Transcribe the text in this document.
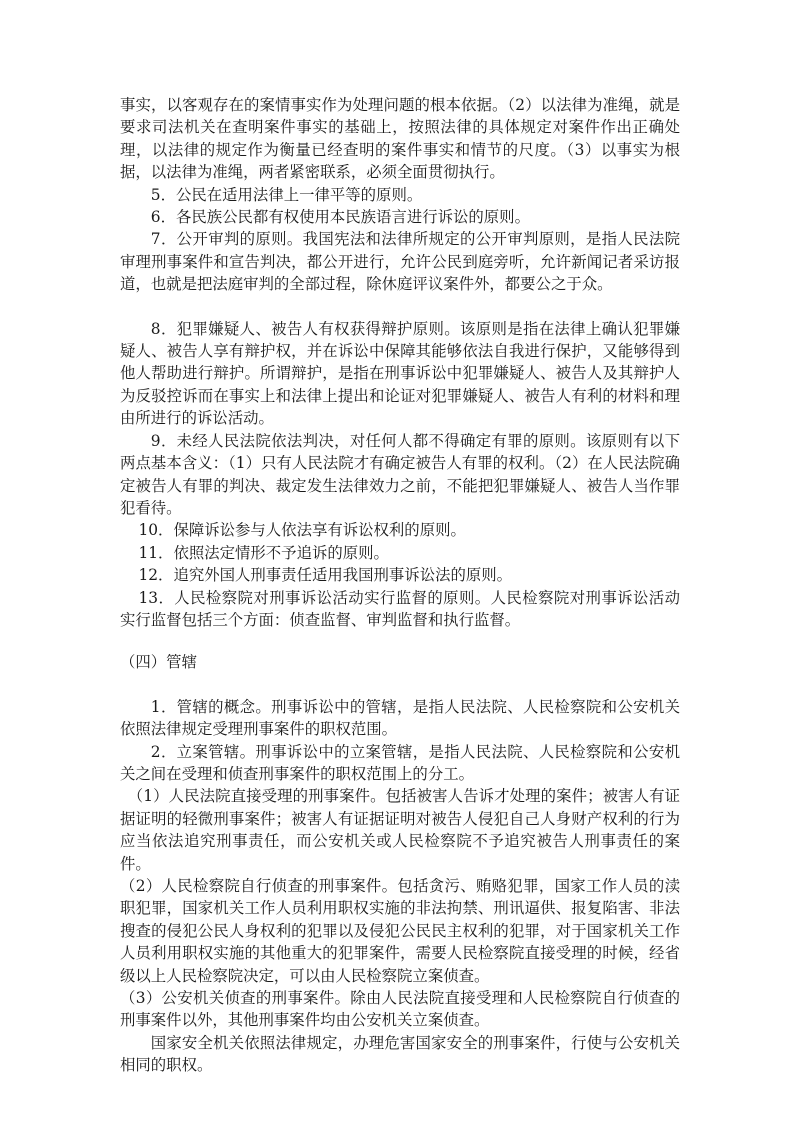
事实，以客观存在的案情事实作为处理问题的根本依据。（2）以法律为准绳，就是要求司法机关在查明案件事实的基础上，按照法律的具体规定对案件作出正确处理，以法律的规定作为衡量已经查明的案件事实和情节的尺度。（3）以事实为根据，以法律为准绳，两者紧密联系，必须全面贯彻执行。

5．公民在适用法律上一律平等的原则。

6．各民族公民都有权使用本民族语言进行诉讼的原则。

7．公开审判的原则。我国宪法和法律所规定的公开审判原则，是指人民法院审理刑事案件和宣告判决，都公开进行，允许公民到庭旁听，允许新闻记者采访报道，也就是把法庭审判的全部过程，除休庭评议案件外，都要公之于众。

8．犯罪嫌疑人、被告人有权获得辩护原则。该原则是指在法律上确认犯罪嫌疑人、被告人享有辩护权，并在诉讼中保障其能够依法自我进行保护，又能够得到他人帮助进行辩护。所谓辩护，是指在刑事诉讼中犯罪嫌疑人、被告人及其辩护人为反驳控诉而在事实上和法律上提出和论证对犯罪嫌疑人、被告人有利的材料和理由所进行的诉讼活动。

9．未经人民法院依法判决，对任何人都不得确定有罪的原则。该原则有以下两点基本含义：（1）只有人民法院才有确定被告人有罪的权利。（2）在人民法院确定被告人有罪的判决、裁定发生法律效力之前，不能把犯罪嫌疑人、被告人当作罪犯看待。

10．保障诉讼参与人依法享有诉讼权利的原则。

11．依照法定情形不予追诉的原则。

12．追究外国人刑事责任适用我国刑事诉讼法的原则。

13．人民检察院对刑事诉讼活动实行监督的原则。人民检察院对刑事诉讼活动实行监督包括三个方面：侦查监督、审判监督和执行监督。

（四）管辖

1．管辖的概念。刑事诉讼中的管辖，是指人民法院、人民检察院和公安机关依照法律规定受理刑事案件的职权范围。

2．立案管辖。刑事诉讼中的立案管辖，是指人民法院、人民检察院和公安机关之间在受理和侦查刑事案件的职权范围上的分工。

（1）人民法院直接受理的刑事案件。包括被害人告诉才处理的案件；被害人有证据证明的轻微刑事案件；被害人有证据证明对被告人侵犯自己人身财产权利的行为应当依法追究刑事责任，而公安机关或人民检察院不予追究被告人刑事责任的案件。

（2）人民检察院自行侦查的刑事案件。包括贪污、贿赂犯罪，国家工作人员的渎职犯罪，国家机关工作人员利用职权实施的非法拘禁、刑讯逼供、报复陷害、非法搜查的侵犯公民人身权利的犯罪以及侵犯公民民主权利的犯罪，对于国家机关工作人员利用职权实施的其他重大的犯罪案件，需要人民检察院直接受理的时候，经省级以上人民检察院决定，可以由人民检察院立案侦查。

（3）公安机关侦查的刑事案件。除由人民法院直接受理和人民检察院自行侦查的刑事案件以外，其他刑事案件均由公安机关立案侦查。

国家安全机关依照法律规定，办理危害国家安全的刑事案件，行使与公安机关相同的职权。
